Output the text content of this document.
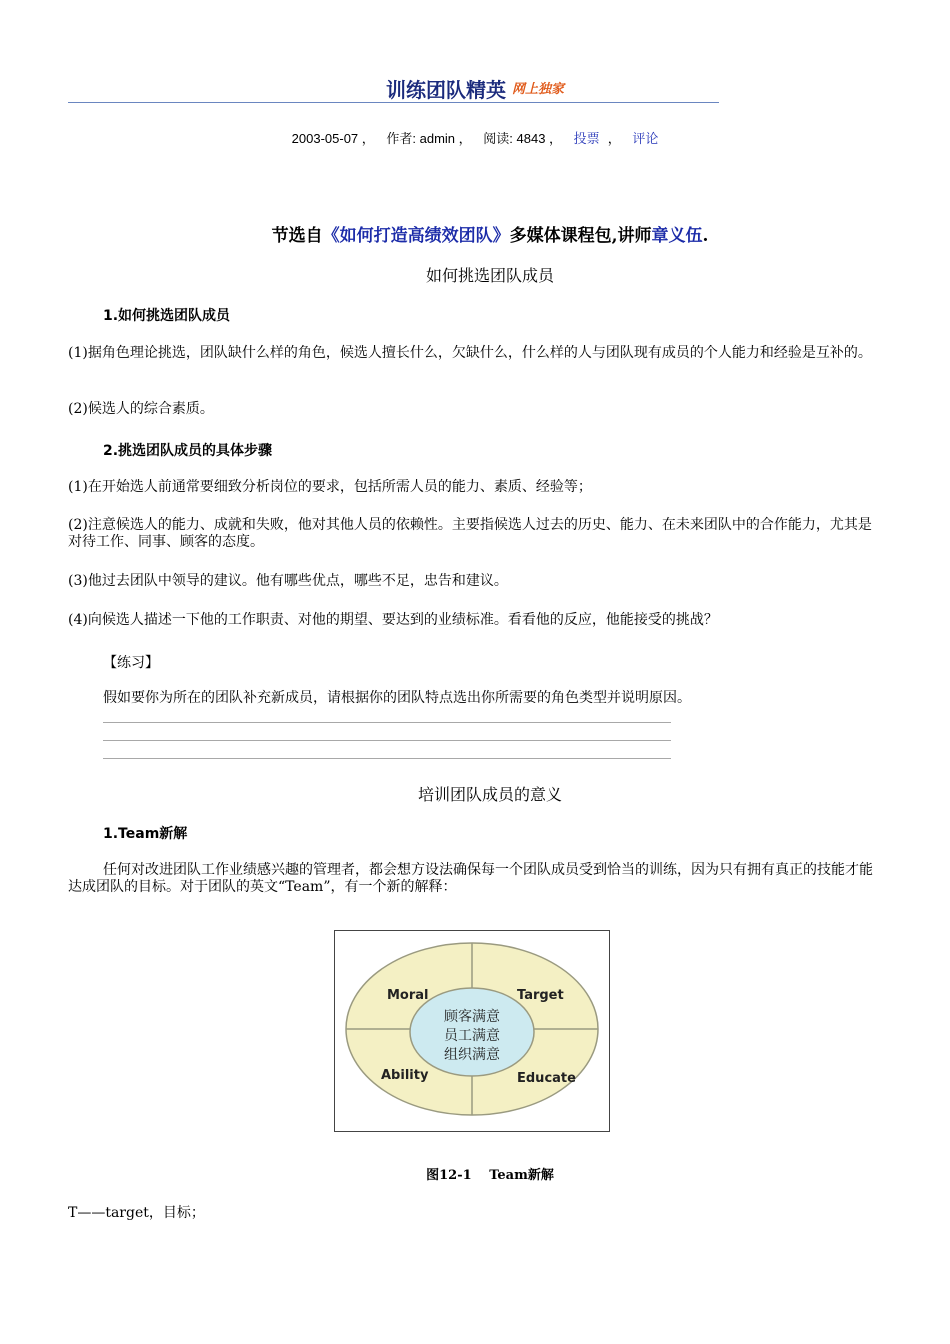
训练团队精英 $^{网上独家}$
2003-05-07 ， 作者: admin ， 阅读: 4843 ， 投票 ， 评论
节选自《如何打造高绩效团队》多媒体课程包,讲师章义伍.
如何挑选团队成员
1.如何挑选团队成员
(1)据角色理论挑选，团队缺什么样的角色，候选人擅长什么，欠缺什么，什么样的人与团队现有成员的个人能力和经验是互补的。
(2)候选人的综合素质。
2.挑选团队成员的具体步骤
(1)在开始选人前通常要细致分析岗位的要求，包括所需人员的能力、素质、经验等；
(2)注意候选人的能力、成就和失败，他对其他人员的依赖性。主要指候选人过去的历史、能力、在未来团队中的合作能力，尤其是对待工作、同事、顾客的态度。
(3)他过去团队中领导的建议。他有哪些优点，哪些不足，忠告和建议。
(4)向候选人描述一下他的工作职责、对他的期望、要达到的业绩标准。看看他的反应，他能接受的挑战？
【练习】
假如要你为所在的团队补充新成员，请根据你的团队特点选出你所需要的角色类型并说明原因。
培训团队成员的意义
1.Team新解
任何对改进团队工作业绩感兴趣的管理者，都会想方设法确保每一个团队成员受到恰当的训练，因为只有拥有真正的技能才能达成团队的目标。对于团队的英文“Team”，有一个新的解释：
Moral	Target
Ability	Educate
顾客满意
员工满意
组织满意
图12-1　 Team新解
T——target，目标；
